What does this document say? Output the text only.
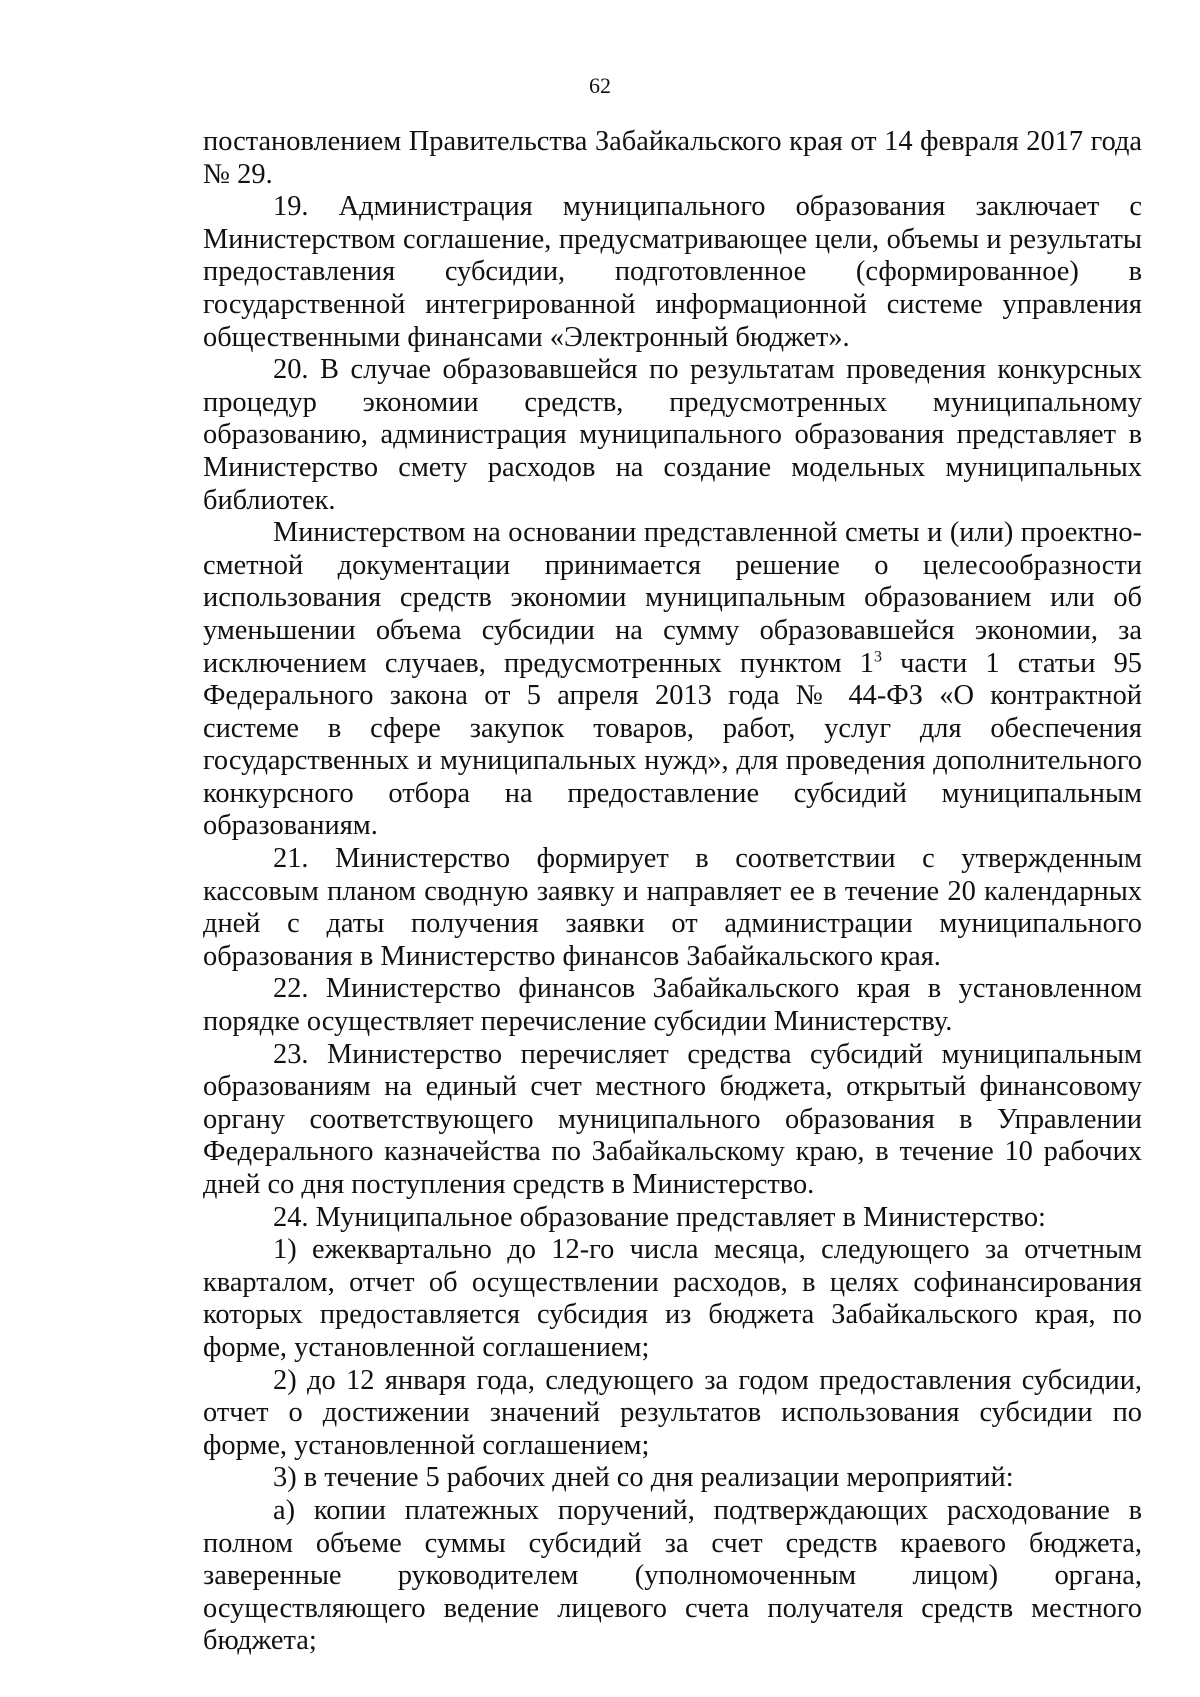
62

постановлением Правительства Забайкальского края от 14 февраля 2017 года № 29.

19. Администрация муниципального образования заключает с Министерством соглашение, предусматривающее цели, объемы и результаты предоставления субсидии, подготовленное (сформированное) в государственной интегрированной информационной системе управления общественными финансами «Электронный бюджет».

20. В случае образовавшейся по результатам проведения конкурсных процедур экономии средств, предусмотренных муниципальному образованию, администрация муниципального образования представляет в Министерство смету расходов на создание модельных муниципальных библиотек.

Министерством на основании представленной сметы и (или) проектно-сметной документации принимается решение о целесообразности использования средств экономии муниципальным образованием или об уменьшении объема субсидии на сумму образовавшейся экономии, за исключением случаев, предусмотренных пунктом $1^3$ части 1 статьи 95 Федерального закона от 5 апреля 2013 года № 44-ФЗ «О контрактной системе в сфере закупок товаров, работ, услуг для обеспечения государственных и муниципальных нужд», для проведения дополнительного конкурсного отбора на предоставление субсидий муниципальным образованиям.

21. Министерство формирует в соответствии с утвержденным кассовым планом сводную заявку и направляет ее в течение 20 календарных дней с даты получения заявки от администрации муниципального образования в Министерство финансов Забайкальского края.

22. Министерство финансов Забайкальского края в установленном порядке осуществляет перечисление субсидии Министерству.

23. Министерство перечисляет средства субсидий муниципальным образованиям на единый счет местного бюджета, открытый финансовому органу соответствующего муниципального образования в Управлении Федерального казначейства по Забайкальскому краю, в течение 10 рабочих дней со дня поступления средств в Министерство.

24. Муниципальное образование представляет в Министерство:

1) ежеквартально до 12-го числа месяца, следующего за отчетным кварталом, отчет об осуществлении расходов, в целях софинансирования которых предоставляется субсидия из бюджета Забайкальского края, по форме, установленной соглашением;

2) до 12 января года, следующего за годом предоставления субсидии, отчет о достижении значений результатов использования субсидии по форме, установленной соглашением;

3) в течение 5 рабочих дней со дня реализации мероприятий:

а) копии платежных поручений, подтверждающих расходование в полном объеме суммы субсидий за счет средств краевого бюджета, заверенные руководителем (уполномоченным лицом) органа, осуществляющего ведение лицевого счета получателя средств местного бюджета;
